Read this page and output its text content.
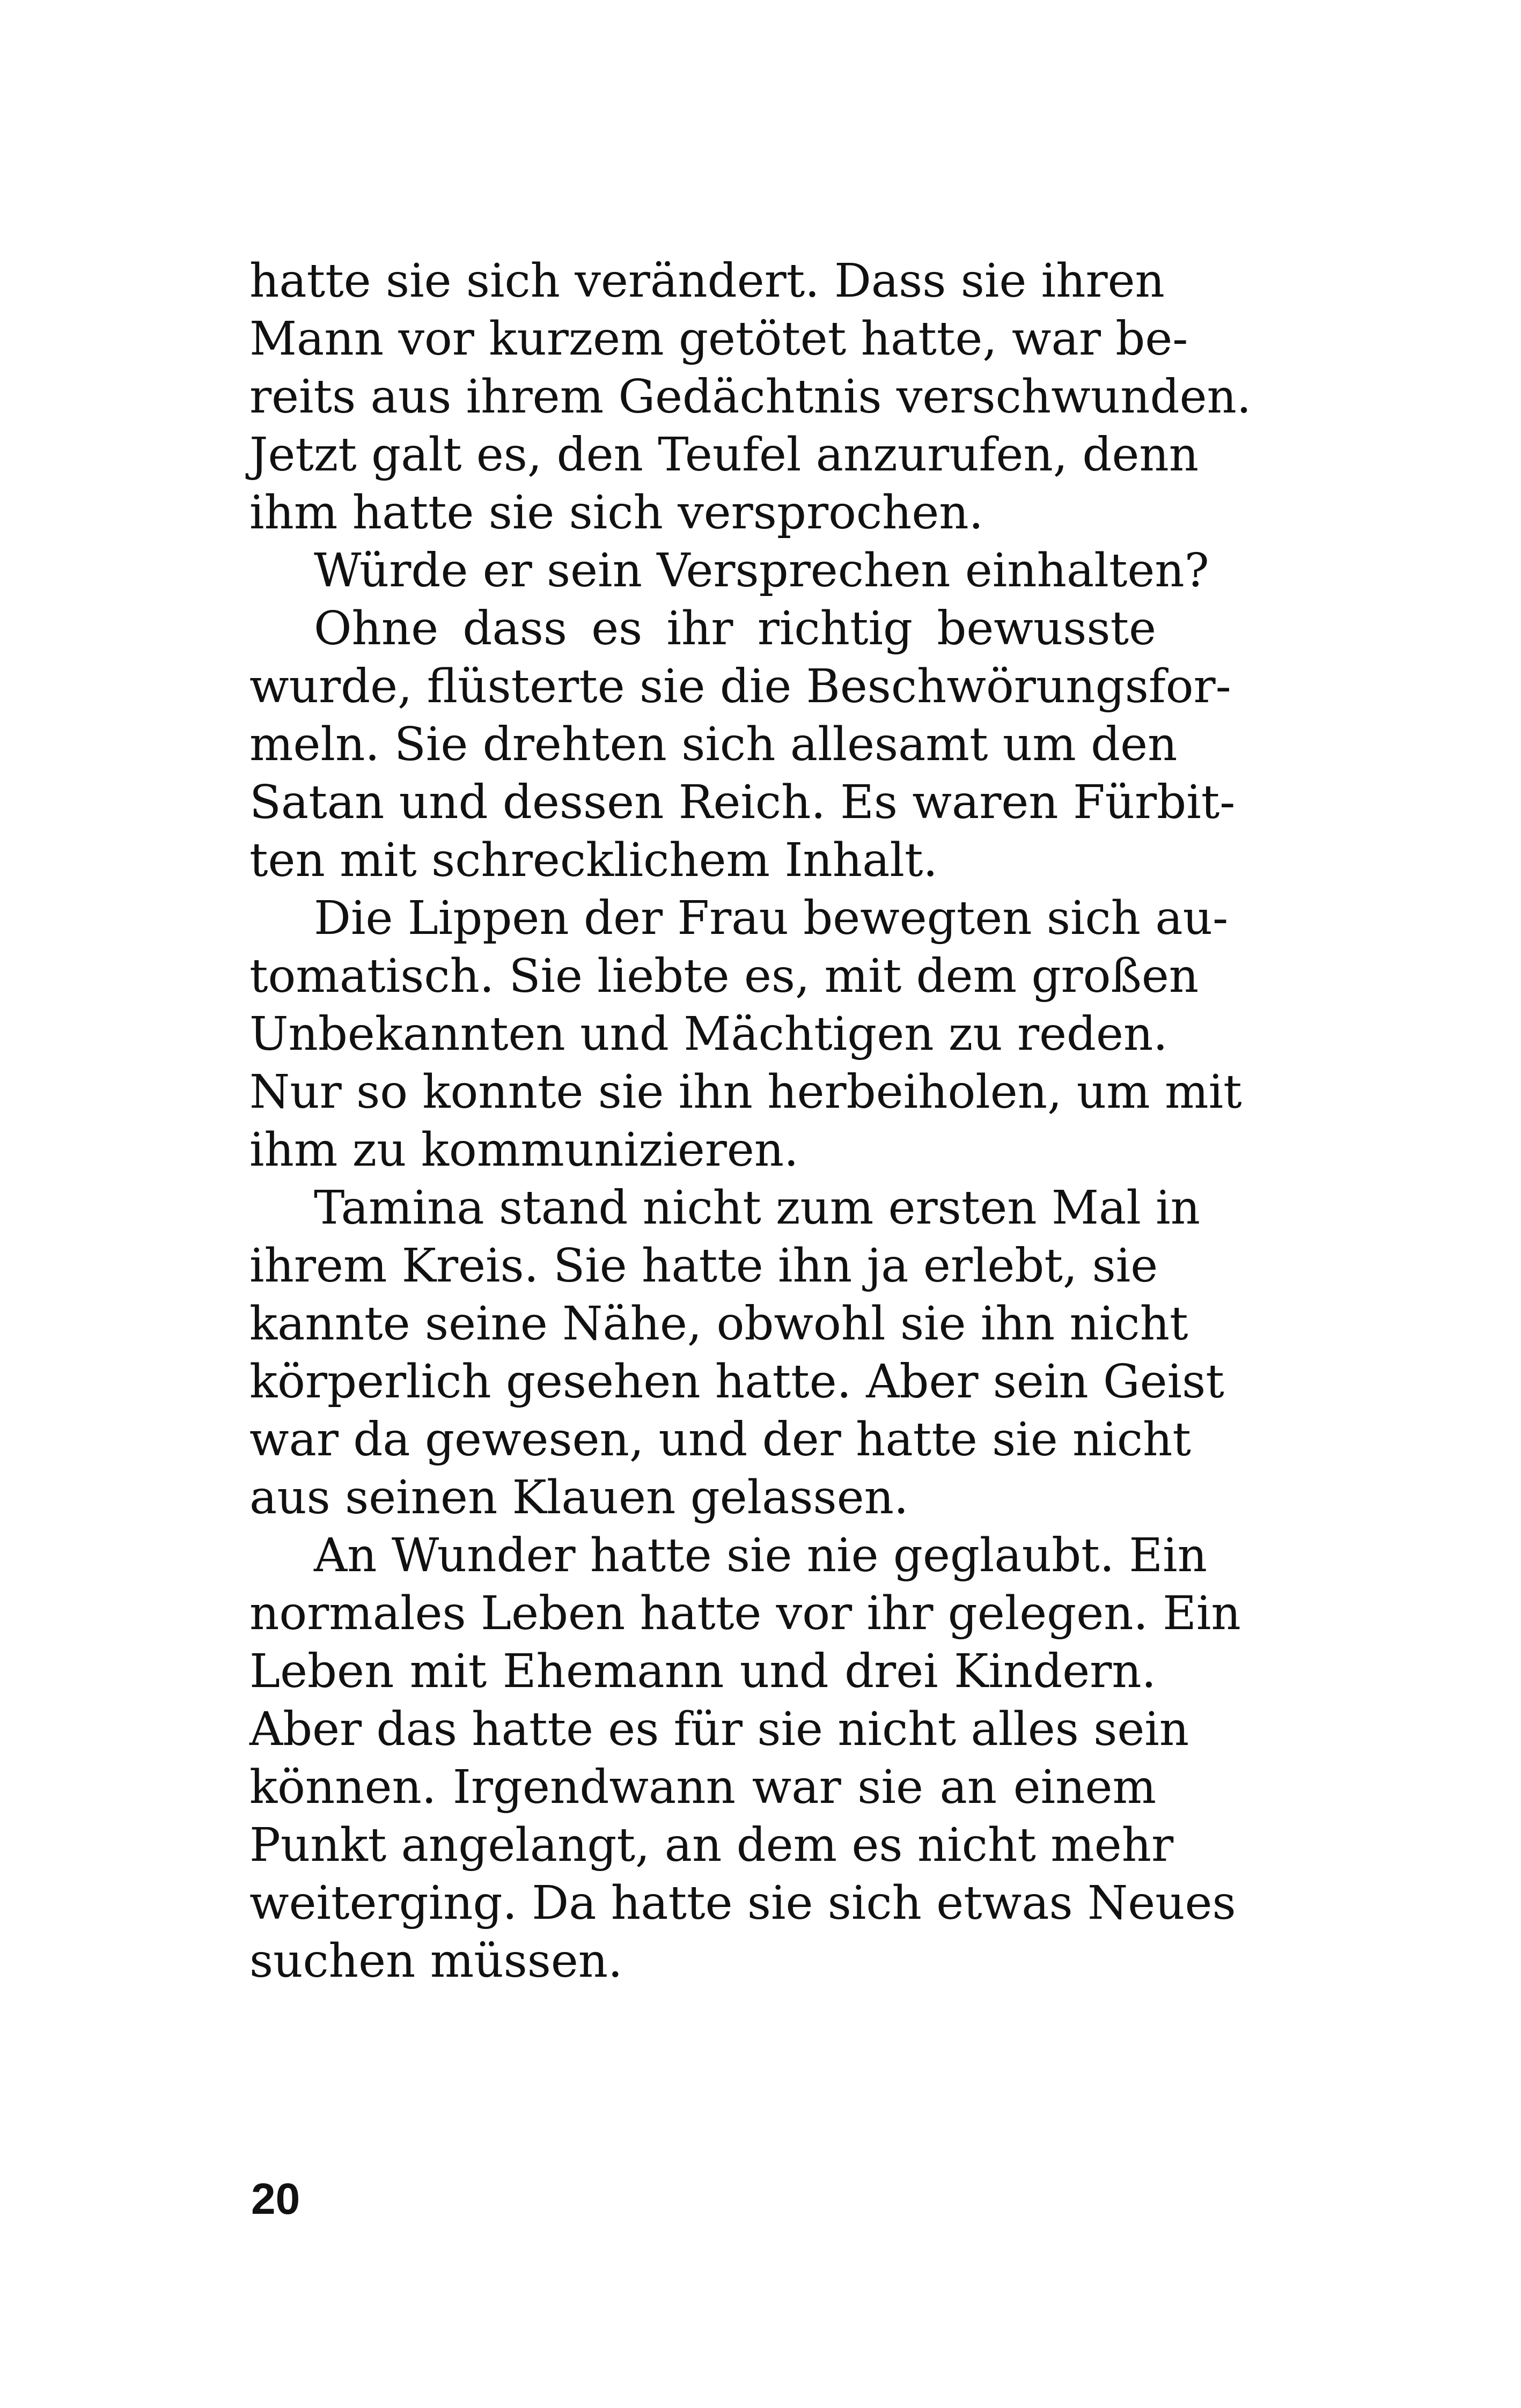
hatte sie sich verändert. Dass sie ihren
Mann vor kurzem getötet hatte, war be-
reits aus ihrem Gedächtnis verschwunden.
Jetzt galt es, den Teufel anzurufen, denn
ihm hatte sie sich versprochen.
Würde er sein Versprechen einhalten?
Ohne dass es ihr richtig bewusste
wurde, flüsterte sie die Beschwörungsfor-
meln. Sie drehten sich allesamt um den
Satan und dessen Reich. Es waren Fürbit-
ten mit schrecklichem Inhalt.
Die Lippen der Frau bewegten sich au-
tomatisch. Sie liebte es, mit dem großen
Unbekannten und Mächtigen zu reden.
Nur so konnte sie ihn herbeiholen, um mit
ihm zu kommunizieren.
Tamina stand nicht zum ersten Mal in
ihrem Kreis. Sie hatte ihn ja erlebt, sie
kannte seine Nähe, obwohl sie ihn nicht
körperlich gesehen hatte. Aber sein Geist
war da gewesen, und der hatte sie nicht
aus seinen Klauen gelassen.
An Wunder hatte sie nie geglaubt. Ein
normales Leben hatte vor ihr gelegen. Ein
Leben mit Ehemann und drei Kindern.
Aber das hatte es für sie nicht alles sein
können. Irgendwann war sie an einem
Punkt angelangt, an dem es nicht mehr
weiterging. Da hatte sie sich etwas Neues
suchen müssen.
20
